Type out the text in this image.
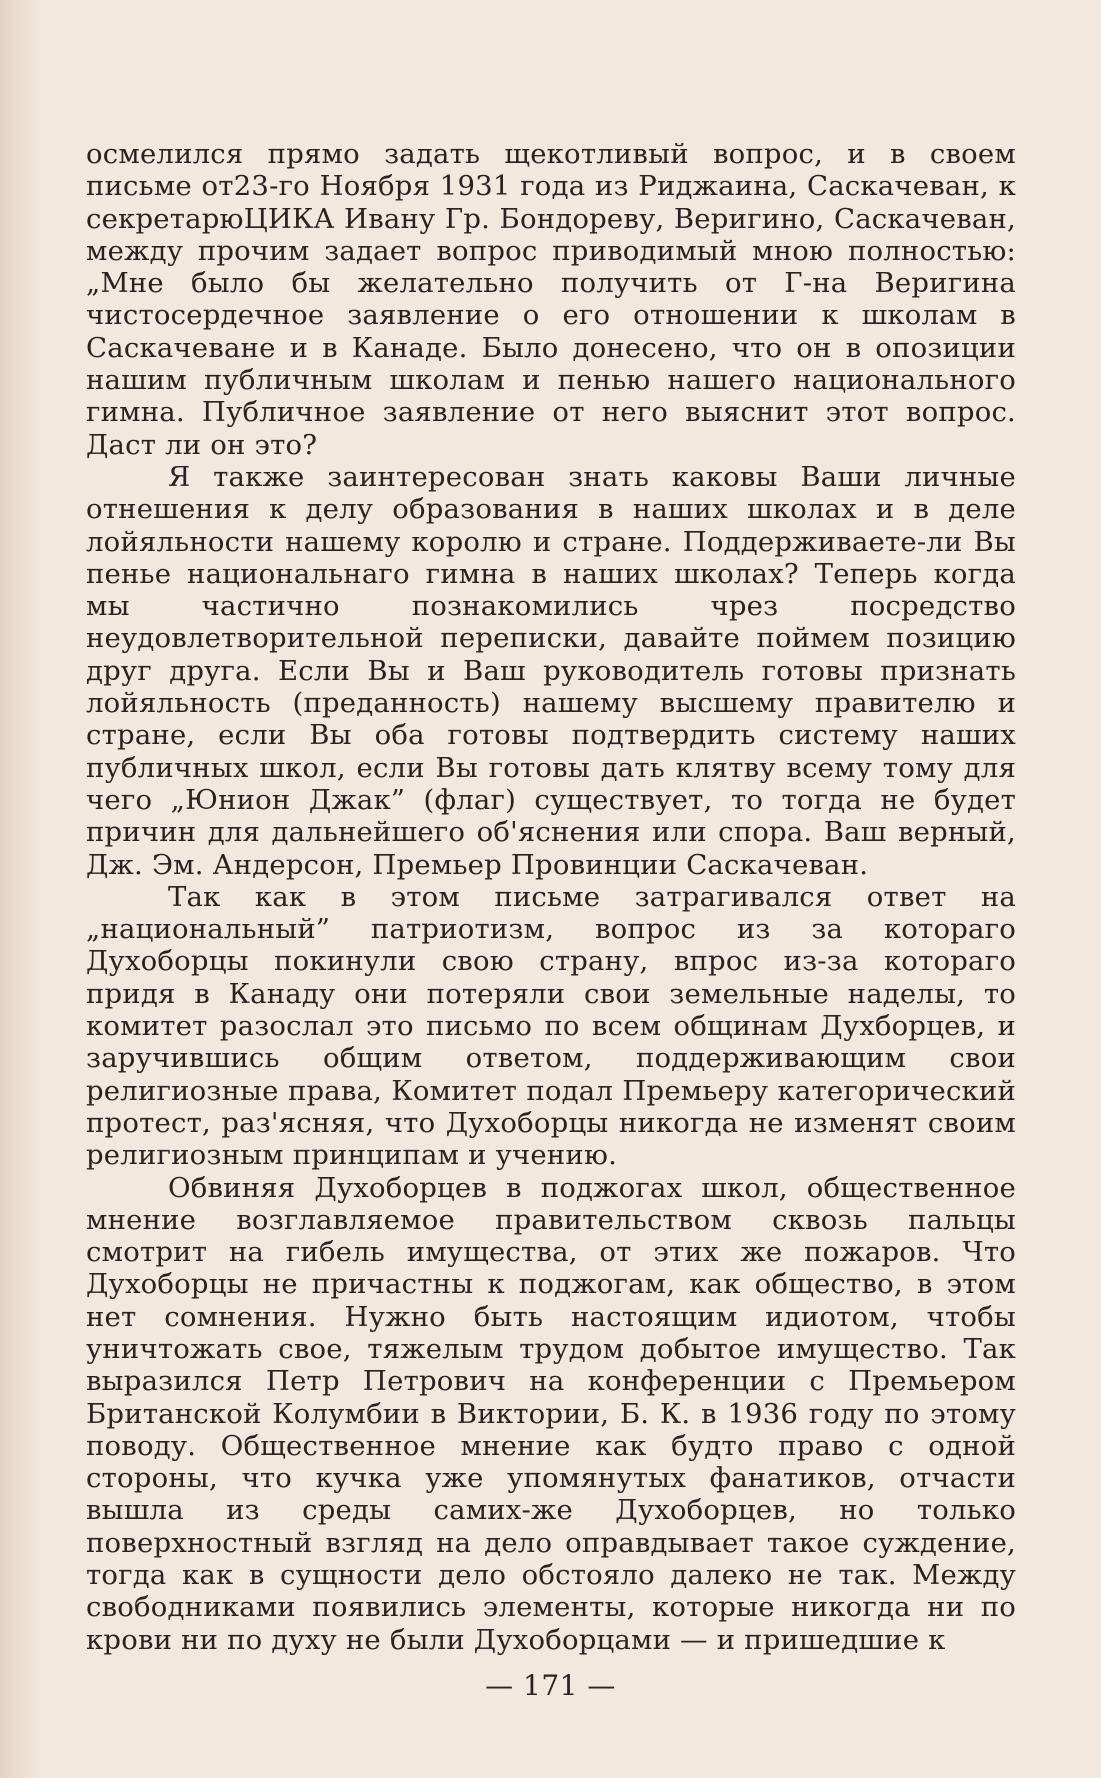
осмелился прямо задать щекотливый вопрос, и в своем письме от23-го Ноября 1931 года из Риджаина, Саскачеван, к секретарюЦИКА Ивану Гр. Бондореву, Веригино, Саскачеван, между прочим задает вопрос приводимый мною полностью: „Мне было бы желательно получить от Г-на Веригина чистосердечное заявление о его отношении к школам в Саскачеване и в Канаде. Было донесено, что он в опозиции нашим публичным школам и пенью нашего национального гимна. Публичное заявление от него выяснит этот вопрос. Даст ли он это?

Я также заинтересован знать каковы Ваши личные отнешения к делу образования в наших школах и в деле лойяльности нашему королю и стране. Поддерживаете-ли Вы пенье национальнаго гимна в наших школах? Теперь когда мы частично познакомились чрез посредство неудовлетворительной переписки, давайте поймем позицию друг друга. Если Вы и Ваш руководитель готовы признать лойяльность (преданность) нашему высшему правителю и стране, если Вы оба готовы подтвердить систему наших публичных школ, если Вы готовы дать клятву всему тому для чего „Юнион Джак” (флаг) существует, то тогда не будет причин для дальнейшего об'яснения или спора. Ваш верный, Дж. Эм. Андерсон, Премьер Провинции Саскачеван.

Так как в этом письме затрагивался ответ на „национальный” патриотизм, вопрос из за котораго Духоборцы покинули свою страну, впрос из-за котораго придя в Канаду они потеряли свои земельные наделы, то комитет разослал это письмо по всем общинам Духборцев, и заручившись общим ответом, поддерживающим свои религиозные права, Комитет подал Премьеру категорический протест, раз'ясняя, что Духоборцы никогда не изменят своим религиозным принципам и учению.

Обвиняя Духоборцев в поджогах школ, общественное мнение возглавляемое правительством сквозь пальцы смотрит на гибель имущества, от этих же пожаров. Что Духоборцы не причастны к поджогам, как общество, в этом нет сомнения. Нужно быть настоящим идиотом, чтобы уничтожать свое, тяжелым трудом добытое имущество. Так выразился Петр Петрович на конференции с Премьером Британской Колумбии в Виктории, Б. К. в 1936 году по этому поводу. Общественное мнение как будто право с одной стороны, что кучка уже упомянутых фанатиков, отчасти вышла из среды самих-же Духоборцев, но только поверхностный взгляд на дело оправдывает такое суждение, тогда как в сущности дело обстояло далеко не так. Между свободниками появились элементы, которые никогда ни по крови ни по духу не были Духоборцами — и пришедшие к

— 171 —
